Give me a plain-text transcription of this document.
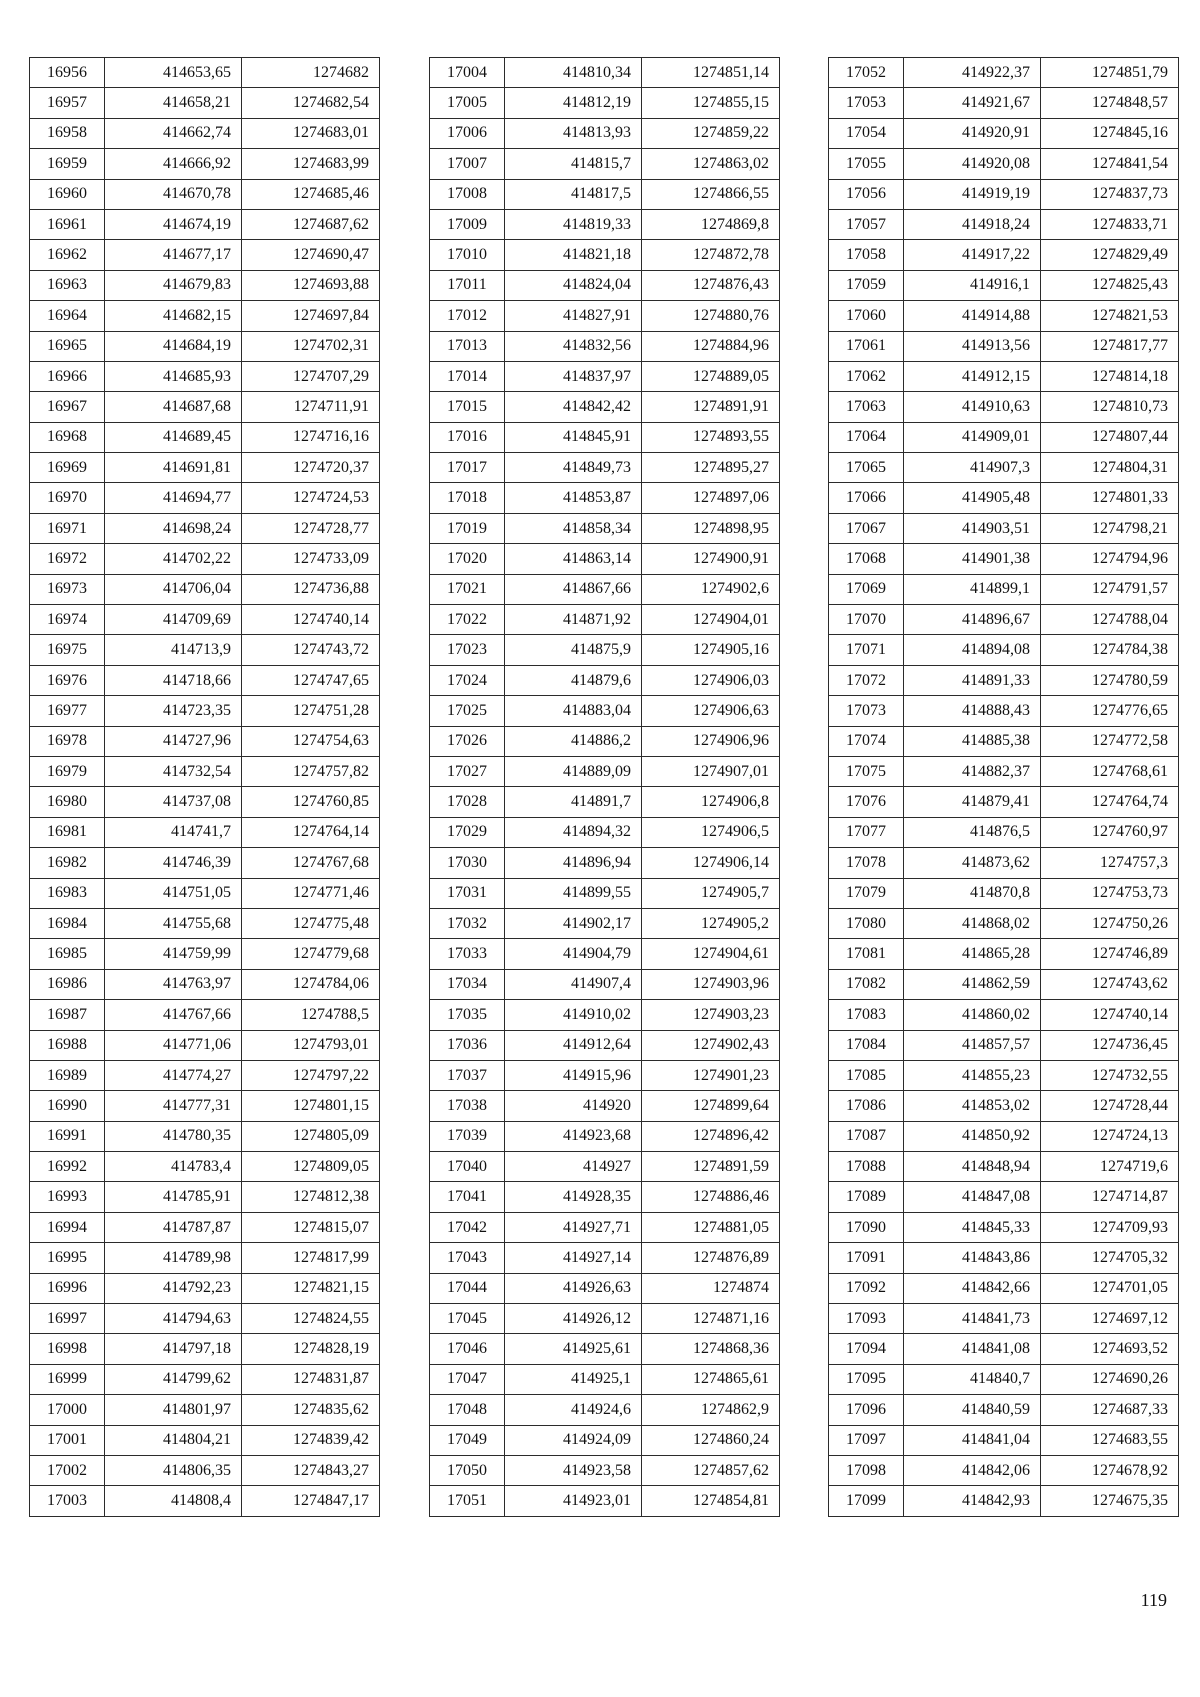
16956	414653,65	1274682
16957	414658,21	1274682,54
16958	414662,74	1274683,01
16959	414666,92	1274683,99
16960	414670,78	1274685,46
16961	414674,19	1274687,62
16962	414677,17	1274690,47
16963	414679,83	1274693,88
16964	414682,15	1274697,84
16965	414684,19	1274702,31
16966	414685,93	1274707,29
16967	414687,68	1274711,91
16968	414689,45	1274716,16
16969	414691,81	1274720,37
16970	414694,77	1274724,53
16971	414698,24	1274728,77
16972	414702,22	1274733,09
16973	414706,04	1274736,88
16974	414709,69	1274740,14
16975	414713,9	1274743,72
16976	414718,66	1274747,65
16977	414723,35	1274751,28
16978	414727,96	1274754,63
16979	414732,54	1274757,82
16980	414737,08	1274760,85
16981	414741,7	1274764,14
16982	414746,39	1274767,68
16983	414751,05	1274771,46
16984	414755,68	1274775,48
16985	414759,99	1274779,68
16986	414763,97	1274784,06
16987	414767,66	1274788,5
16988	414771,06	1274793,01
16989	414774,27	1274797,22
16990	414777,31	1274801,15
16991	414780,35	1274805,09
16992	414783,4	1274809,05
16993	414785,91	1274812,38
16994	414787,87	1274815,07
16995	414789,98	1274817,99
16996	414792,23	1274821,15
16997	414794,63	1274824,55
16998	414797,18	1274828,19
16999	414799,62	1274831,87
17000	414801,97	1274835,62
17001	414804,21	1274839,42
17002	414806,35	1274843,27
17003	414808,4	1274847,17
17004	414810,34	1274851,14
17005	414812,19	1274855,15
17006	414813,93	1274859,22
17007	414815,7	1274863,02
17008	414817,5	1274866,55
17009	414819,33	1274869,8
17010	414821,18	1274872,78
17011	414824,04	1274876,43
17012	414827,91	1274880,76
17013	414832,56	1274884,96
17014	414837,97	1274889,05
17015	414842,42	1274891,91
17016	414845,91	1274893,55
17017	414849,73	1274895,27
17018	414853,87	1274897,06
17019	414858,34	1274898,95
17020	414863,14	1274900,91
17021	414867,66	1274902,6
17022	414871,92	1274904,01
17023	414875,9	1274905,16
17024	414879,6	1274906,03
17025	414883,04	1274906,63
17026	414886,2	1274906,96
17027	414889,09	1274907,01
17028	414891,7	1274906,8
17029	414894,32	1274906,5
17030	414896,94	1274906,14
17031	414899,55	1274905,7
17032	414902,17	1274905,2
17033	414904,79	1274904,61
17034	414907,4	1274903,96
17035	414910,02	1274903,23
17036	414912,64	1274902,43
17037	414915,96	1274901,23
17038	414920	1274899,64
17039	414923,68	1274896,42
17040	414927	1274891,59
17041	414928,35	1274886,46
17042	414927,71	1274881,05
17043	414927,14	1274876,89
17044	414926,63	1274874
17045	414926,12	1274871,16
17046	414925,61	1274868,36
17047	414925,1	1274865,61
17048	414924,6	1274862,9
17049	414924,09	1274860,24
17050	414923,58	1274857,62
17051	414923,01	1274854,81
17052	414922,37	1274851,79
17053	414921,67	1274848,57
17054	414920,91	1274845,16
17055	414920,08	1274841,54
17056	414919,19	1274837,73
17057	414918,24	1274833,71
17058	414917,22	1274829,49
17059	414916,1	1274825,43
17060	414914,88	1274821,53
17061	414913,56	1274817,77
17062	414912,15	1274814,18
17063	414910,63	1274810,73
17064	414909,01	1274807,44
17065	414907,3	1274804,31
17066	414905,48	1274801,33
17067	414903,51	1274798,21
17068	414901,38	1274794,96
17069	414899,1	1274791,57
17070	414896,67	1274788,04
17071	414894,08	1274784,38
17072	414891,33	1274780,59
17073	414888,43	1274776,65
17074	414885,38	1274772,58
17075	414882,37	1274768,61
17076	414879,41	1274764,74
17077	414876,5	1274760,97
17078	414873,62	1274757,3
17079	414870,8	1274753,73
17080	414868,02	1274750,26
17081	414865,28	1274746,89
17082	414862,59	1274743,62
17083	414860,02	1274740,14
17084	414857,57	1274736,45
17085	414855,23	1274732,55
17086	414853,02	1274728,44
17087	414850,92	1274724,13
17088	414848,94	1274719,6
17089	414847,08	1274714,87
17090	414845,33	1274709,93
17091	414843,86	1274705,32
17092	414842,66	1274701,05
17093	414841,73	1274697,12
17094	414841,08	1274693,52
17095	414840,7	1274690,26
17096	414840,59	1274687,33
17097	414841,04	1274683,55
17098	414842,06	1274678,92
17099	414842,93	1274675,35
119
